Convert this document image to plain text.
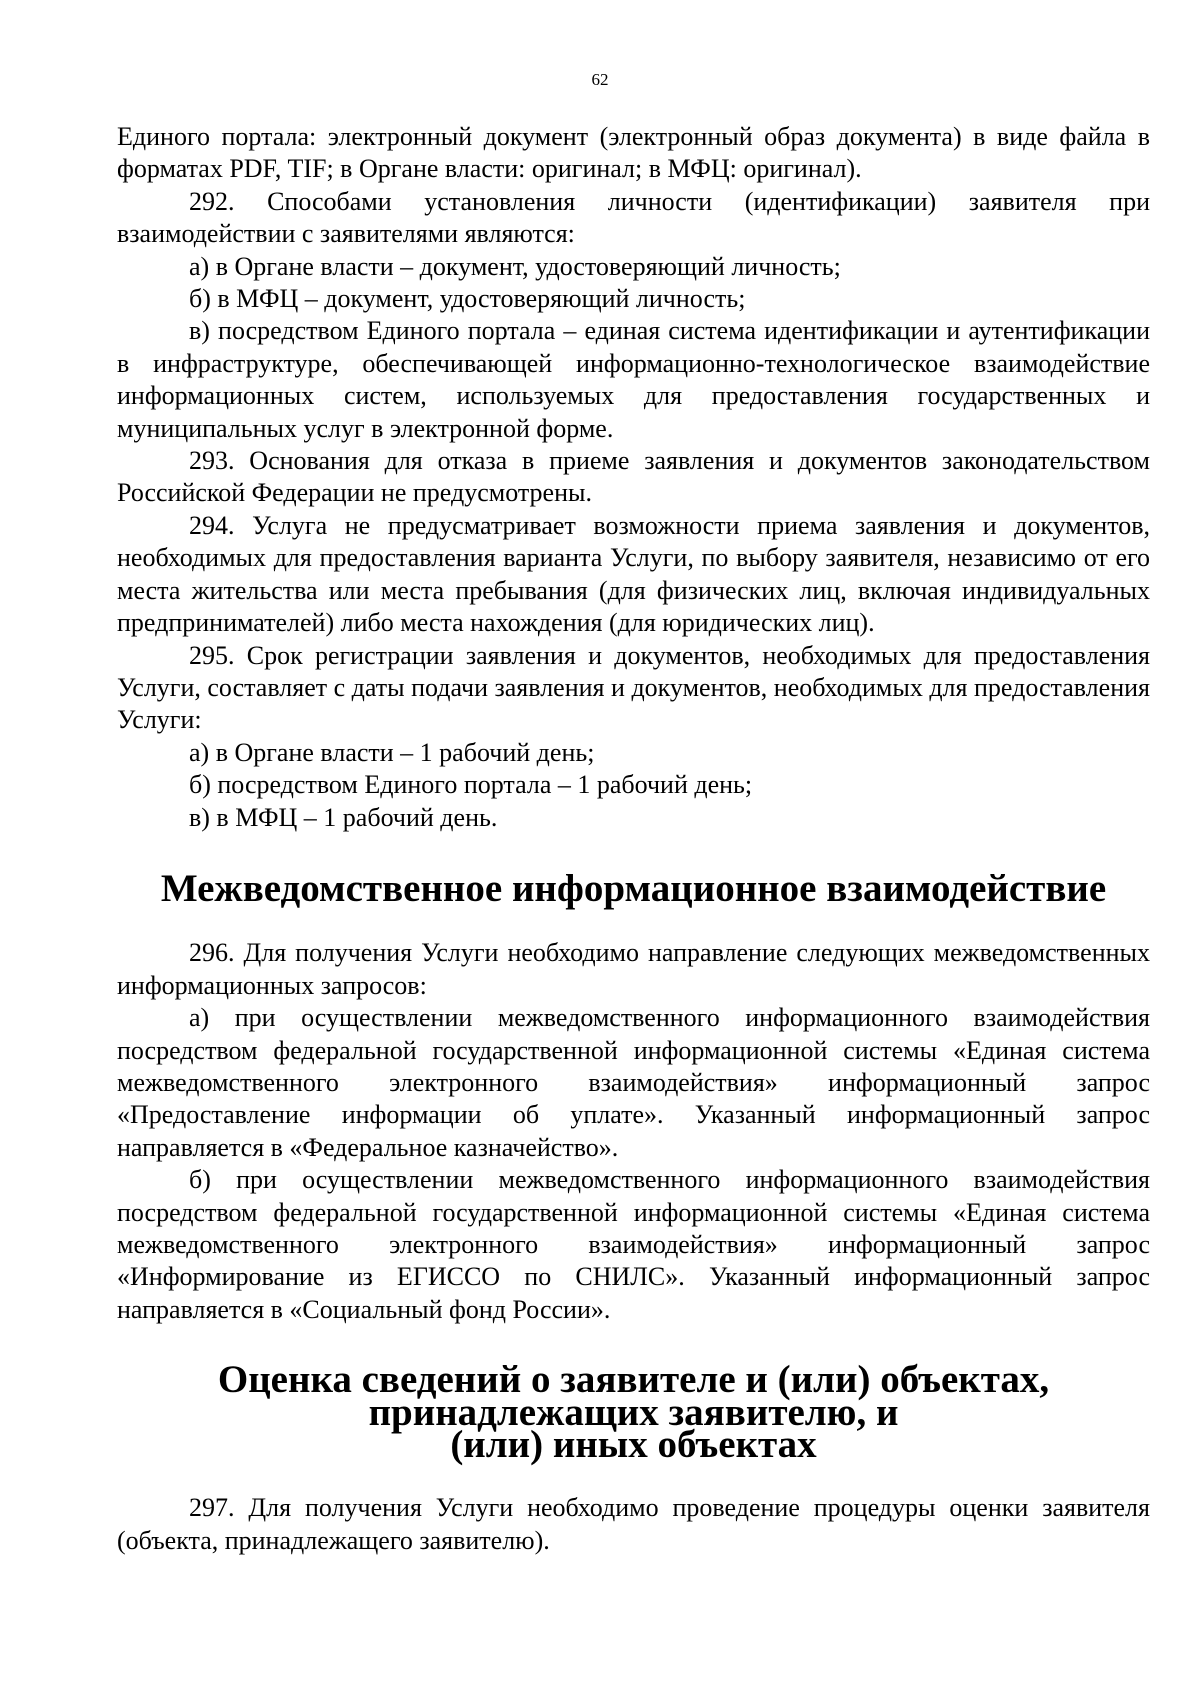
62

Единого портала: электронный документ (электронный образ документа) в виде файла в форматах PDF, TIF; в Органе власти: оригинал; в МФЦ: оригинал).

292. Способами установления личности (идентификации) заявителя при взаимодействии с заявителями являются:

а) в Органе власти – документ, удостоверяющий личность;

б) в МФЦ – документ, удостоверяющий личность;

в) посредством Единого портала – единая система идентификации и аутентификации в инфраструктуре, обеспечивающей информационно-технологическое взаимодействие информационных систем, используемых для предоставления государственных и муниципальных услуг в электронной форме.

293. Основания для отказа в приеме заявления и документов законодательством Российской Федерации не предусмотрены.

294. Услуга не предусматривает возможности приема заявления и документов, необходимых для предоставления варианта Услуги, по выбору заявителя, независимо от его места жительства или места пребывания (для физических лиц, включая индивидуальных предпринимателей) либо места нахождения (для юридических лиц).

295. Срок регистрации заявления и документов, необходимых для предоставления Услуги, составляет с даты подачи заявления и документов, необходимых для предоставления Услуги:

а) в Органе власти – 1 рабочий день;

б) посредством Единого портала – 1 рабочий день;

в) в МФЦ – 1 рабочий день.

Межведомственное информационное взаимодействие

296. Для получения Услуги необходимо направление следующих межведомственных информационных запросов:

а) при осуществлении межведомственного информационного взаимодействия посредством федеральной государственной информационной системы «Единая система межведомственного электронного взаимодействия» информационный запрос «Предоставление информации об уплате». Указанный информационный запрос направляется в «Федеральное казначейство».

б) при осуществлении межведомственного информационного взаимодействия посредством федеральной государственной информационной системы «Единая система межведомственного электронного взаимодействия» информационный запрос «Информирование из ЕГИССО по СНИЛС». Указанный информационный запрос направляется в «Социальный фонд России».

Оценка сведений о заявителе и (или) объектах, принадлежащих заявителю, и
(или) иных объектах

297. Для получения Услуги необходимо проведение процедуры оценки заявителя (объекта, принадлежащего заявителю).
